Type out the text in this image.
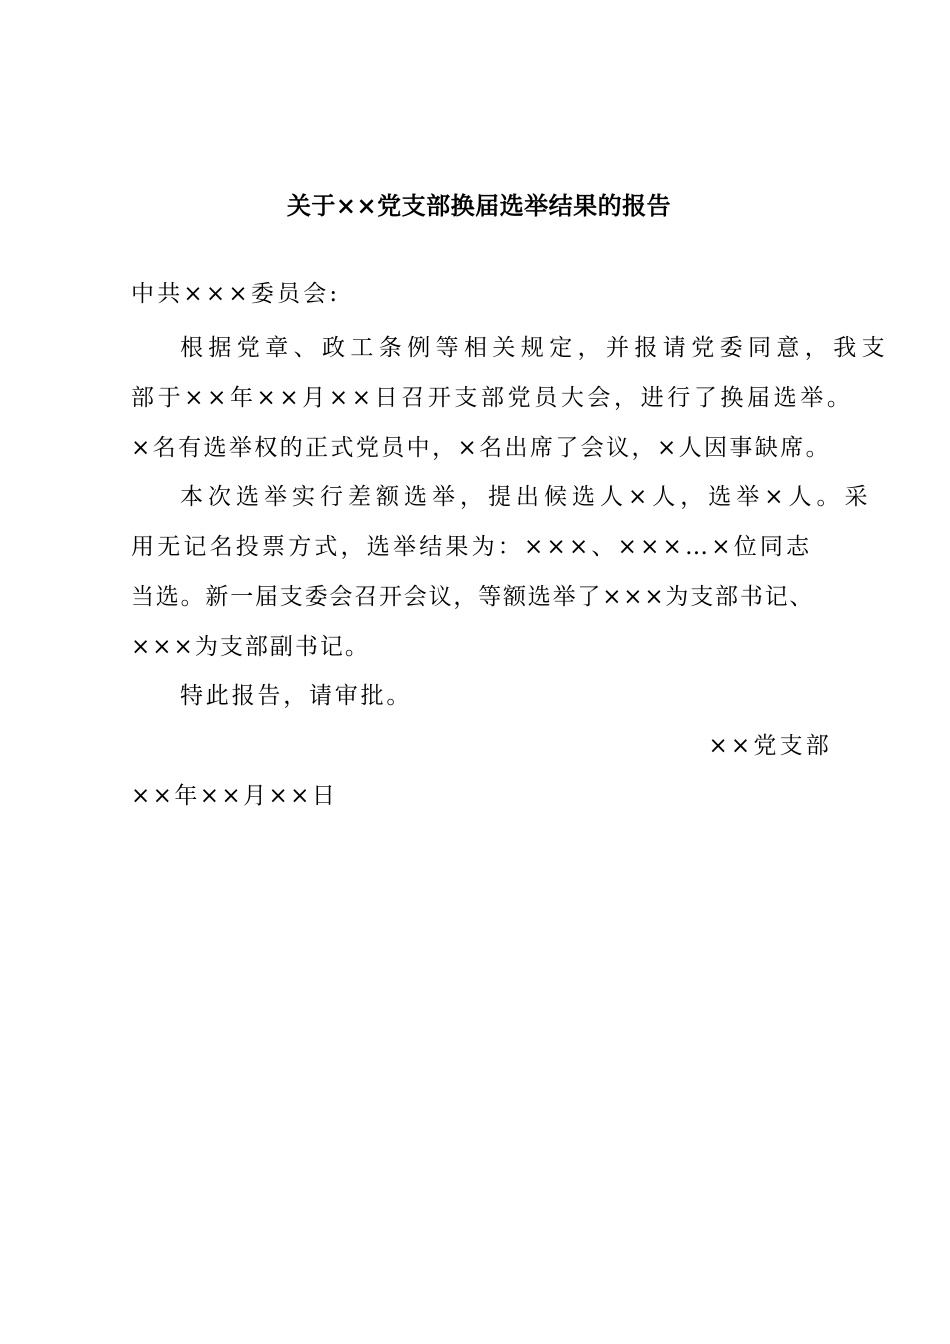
关于××党支部换届选举结果的报告
中共×××委员会:
根据党章、政工条例等相关规定，并报请党委同意，我支
部于××年××月××日召开支部党员大会，进行了换届选举。
×名有选举权的正式党员中，×名出席了会议，×人因事缺席。
本次选举实行差额选举，提出候选人×人，选举×人。采
用无记名投票方式，选举结果为：×××、×××…×位同志
当选。新一届支委会召开会议，等额选举了×××为支部书记、
×××为支部副书记。
特此报告，请审批。
××党支部
××年××月××日
